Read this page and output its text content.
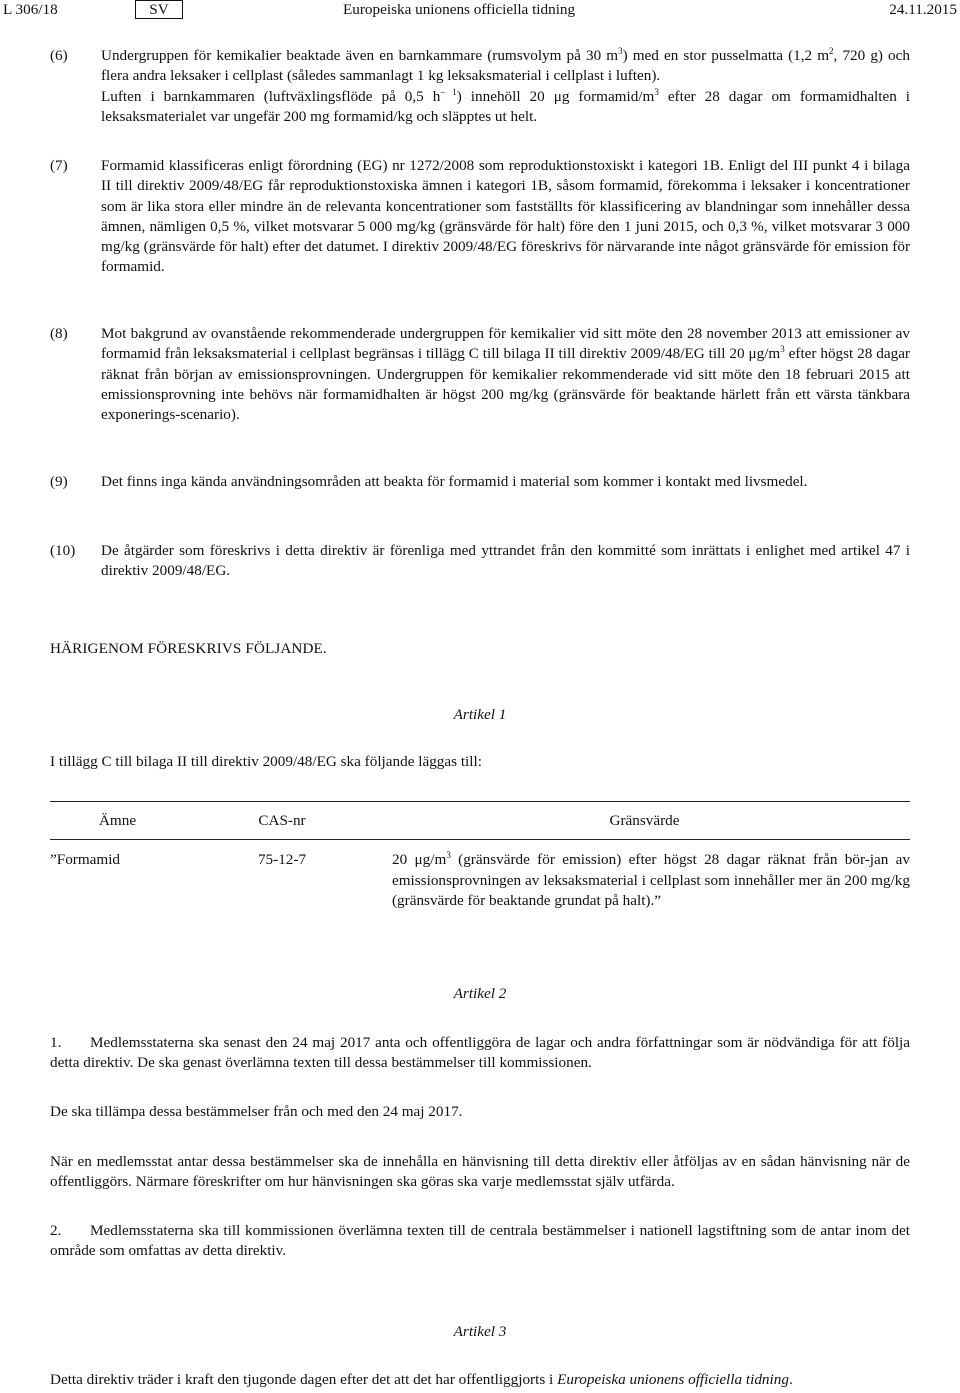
L 306/18	SV	Europeiska unionens officiella tidning	24.11.2015
(6) Undergruppen för kemikalier beaktade även en barnkammare (rumsvolym på 30 $m^3$) med en stor pusselmatta (1,2 $m^2$, 720 g) och flera andra leksaker i cellplast (således sammanlagt 1 kg leksaksmaterial i cellplast i luften).

Luften i barnkammaren (luftväxlingsflöde på 0,5 $h^{- 1}$) innehöll 20 μg formamid/$m^3$ efter 28 dagar om formamidhalten i leksaksmaterialet var ungefär 200 mg formamid/kg och släpptes ut helt.

(7) Formamid klassificeras enligt förordning (EG) nr 1272/2008 som reproduktionstoxiskt i kategori 1B. Enligt del III punkt 4 i bilaga II till direktiv 2009/48/EG får reproduktionstoxiska ämnen i kategori 1B, såsom formamid, förekomma i leksaker i koncentrationer som är lika stora eller mindre än de relevanta koncentrationer som fastställts för klassificering av blandningar som innehåller dessa ämnen, nämligen 0,5 %, vilket motsvarar 5 000 mg/kg (gränsvärde för halt) före den 1 juni 2015, och 0,3 %, vilket motsvarar 3 000 mg/kg (gränsvärde för halt) efter det datumet. I direktiv 2009/48/EG föreskrivs för närvarande inte något gränsvärde för emission för formamid.
(8) Mot bakgrund av ovanstående rekommenderade undergruppen för kemikalier vid sitt möte den 28 november 2013 att emissioner av formamid från leksaksmaterial i cellplast begränsas i tillägg C till bilaga II till direktiv 2009/48/EG till 20 $\mu g/m^3$ efter högst 28 dagar räknat från början av emissionsprovningen. Undergruppen för kemikalier rekommenderade vid sitt möte den 18 februari 2015 att emissionsprovning inte behövs när formamidhalten är högst 200 mg/kg (gränsvärde för beaktande härlett från ett värsta tänkbara exponerings-scenario).
(9) Det finns inga kända användningsområden att beakta för formamid i material som kommer i kontakt med livsmedel.
(10) De åtgärder som föreskrivs i detta direktiv är förenliga med yttrandet från den kommitté som inrättats i enlighet med artikel 47 i direktiv 2009/48/EG.
HÄRIGENOM FÖRESKRIVS FÖLJANDE.
Artikel 1

I tillägg C till bilaga II till direktiv 2009/48/EG ska följande läggas till:

Ämne	CAS-nr	Gränsvärde
”Formamid	75-12-7	20 $\mu g/m^3$ (gränsvärde för emission) efter högst 28 dagar räknat från bör-jan av emissionsprovningen av leksaksmaterial i cellplast som innehåller mer än 200 mg/kg (gränsvärde för beaktande grundat på halt).”
Artikel 2

1. Medlemsstaterna ska senast den 24 maj 2017 anta och offentliggöra de lagar och andra författningar som är nödvändiga för att följa detta direktiv. De ska genast överlämna texten till dessa bestämmelser till kommissionen.

De ska tillämpa dessa bestämmelser från och med den 24 maj 2017.

När en medlemsstat antar dessa bestämmelser ska de innehålla en hänvisning till detta direktiv eller åtföljas av en sådan hänvisning när de offentliggörs. Närmare föreskrifter om hur hänvisningen ska göras ska varje medlemsstat själv utfärda.

2. Medlemsstaterna ska till kommissionen överlämna texten till de centrala bestämmelser i nationell lagstiftning som de antar inom det område som omfattas av detta direktiv.

Artikel 3

Detta direktiv träder i kraft den tjugonde dagen efter det att det har offentliggjorts i Europeiska unionens officiella tidning.
